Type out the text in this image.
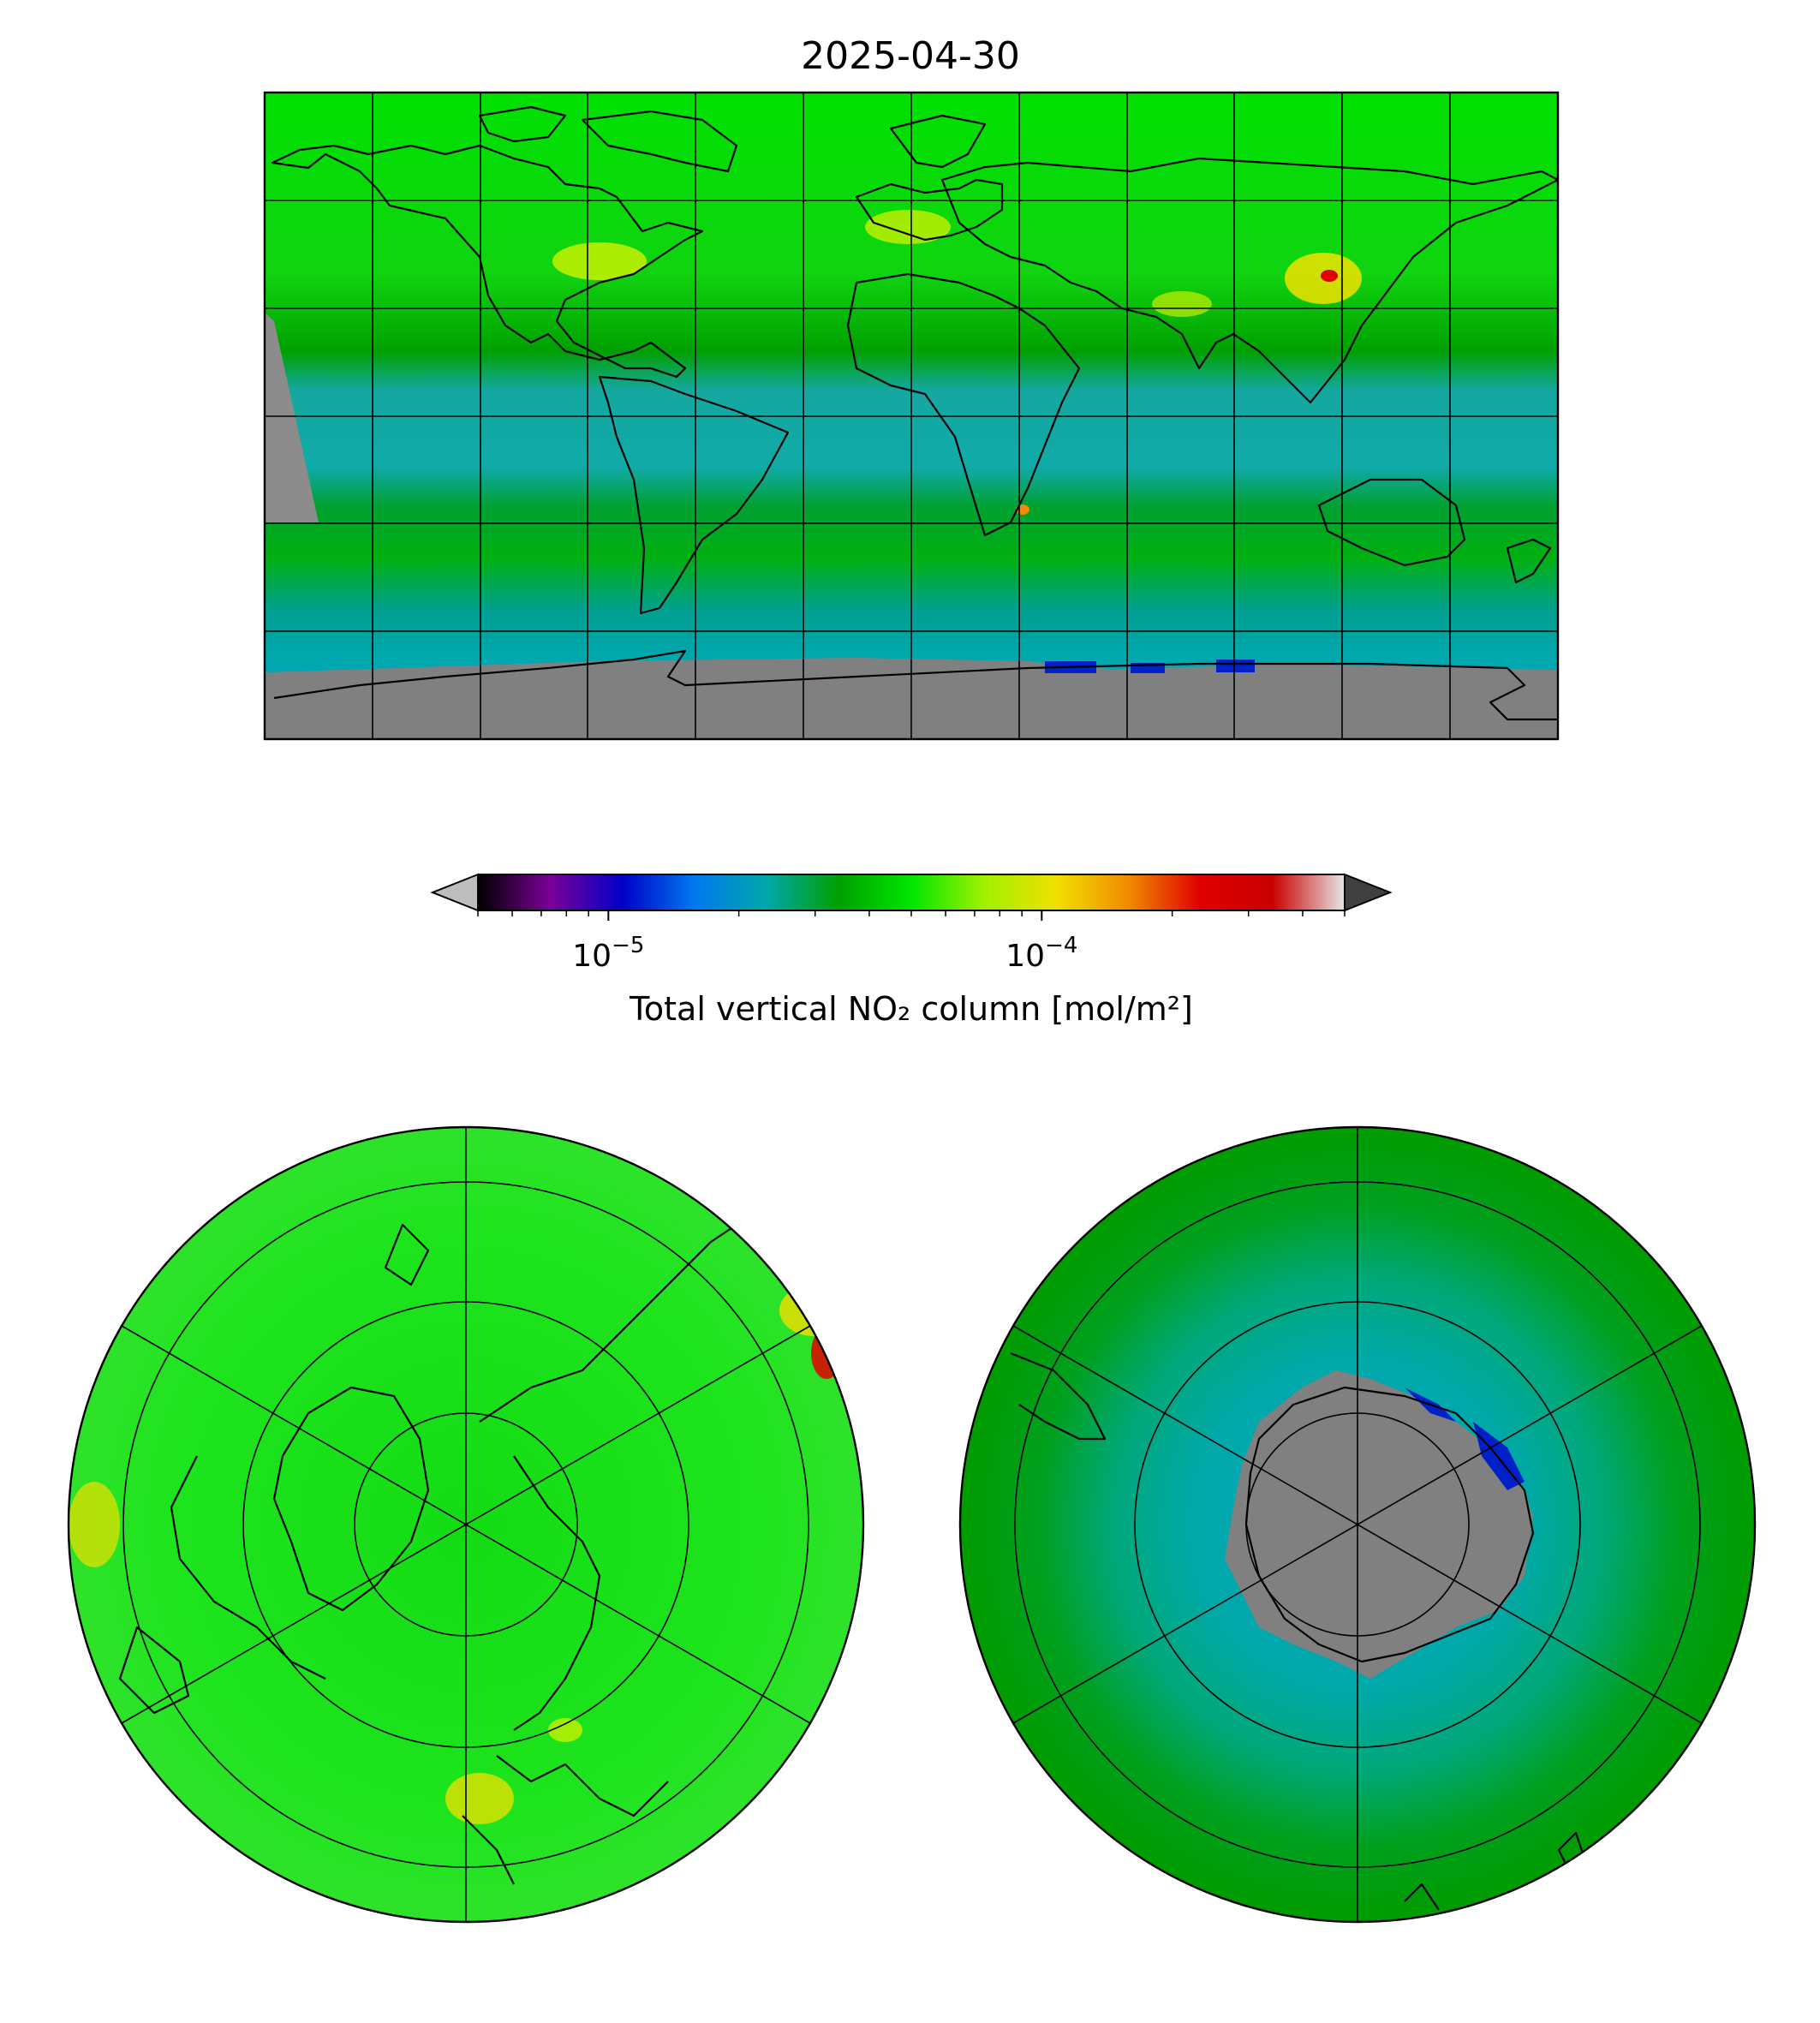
2025-04-30
$10^{-5}$	$10^{-4}$
Total vertical NO₂ column [mol/m²]
